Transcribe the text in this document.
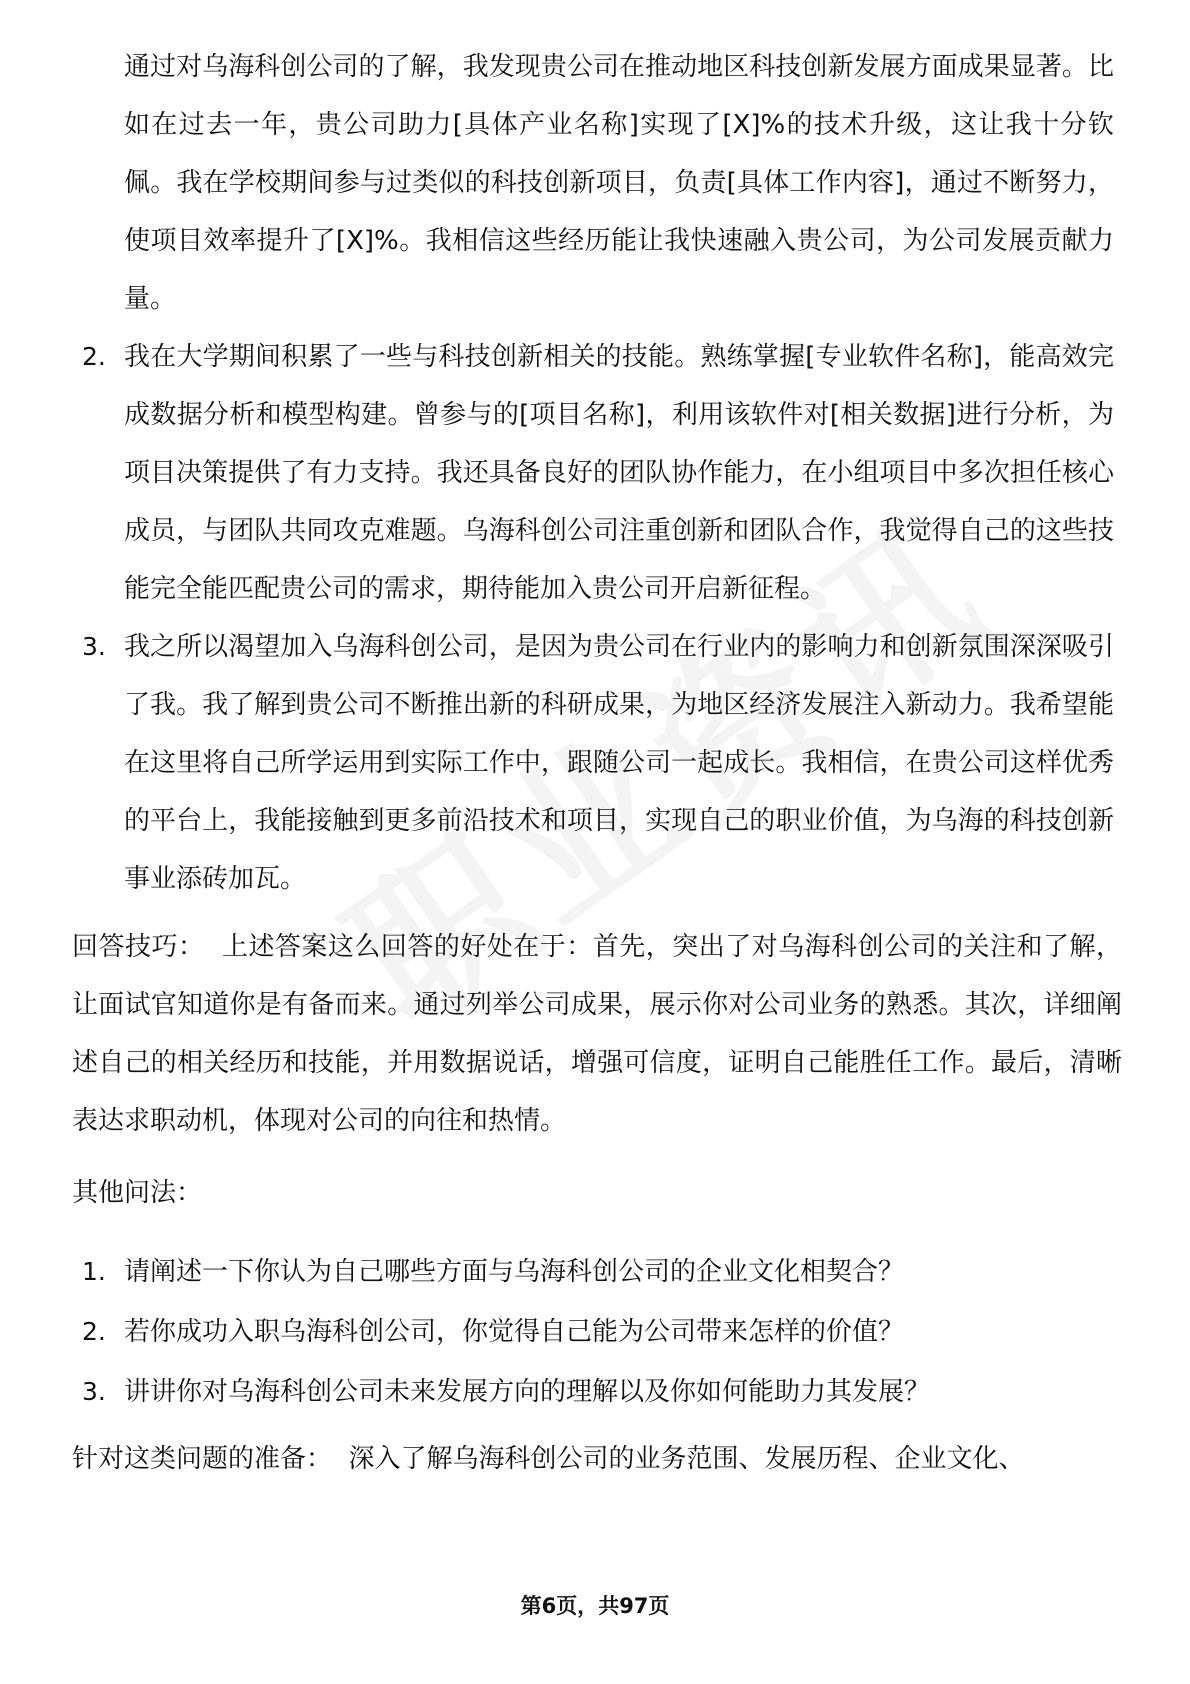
通过对乌海科创公司的了解，我发现贵公司在推动地区科技创新发展方面成果显著。比如在过去一年，贵公司助力[具体产业名称]实现了[X]%的技术升级，这让我十分钦佩。我在学校期间参与过类似的科技创新项目，负责[具体工作内容]，通过不断努力，使项目效率提升了[X]%。我相信这些经历能让我快速融入贵公司，为公司发展贡献力量。
2. 我在大学期间积累了一些与科技创新相关的技能。熟练掌握[专业软件名称]，能高效完成数据分析和模型构建。曾参与的[项目名称]，利用该软件对[相关数据]进行分析，为项目决策提供了有力支持。我还具备良好的团队协作能力，在小组项目中多次担任核心成员，与团队共同攻克难题。乌海科创公司注重创新和团队合作，我觉得自己的这些技能完全能匹配贵公司的需求，期待能加入贵公司开启新征程。
3. 我之所以渴望加入乌海科创公司，是因为贵公司在行业内的影响力和创新氛围深深吸引了我。我了解到贵公司不断推出新的科研成果，为地区经济发展注入新动力。我希望能在这里将自己所学运用到实际工作中，跟随公司一起成长。我相信，在贵公司这样优秀的平台上，我能接触到更多前沿技术和项目，实现自己的职业价值，为乌海的科技创新事业添砖加瓦。

回答技巧： 上述答案这么回答的好处在于：首先，突出了对乌海科创公司的关注和了解，让面试官知道你是有备而来。通过列举公司成果，展示你对公司业务的熟悉。其次，详细阐述自己的相关经历和技能，并用数据说话，增强可信度，证明自己能胜任工作。最后，清晰表达求职动机，体现对公司的向往和热情。

其他问法：

1. 请阐述一下你认为自己哪些方面与乌海科创公司的企业文化相契合？
2. 若你成功入职乌海科创公司，你觉得自己能为公司带来怎样的价值？
3. 讲讲你对乌海科创公司未来发展方向的理解以及你如何能助力其发展？

针对这类问题的准备： 深入了解乌海科创公司的业务范围、发展历程、企业文化、

第6页，共97页
